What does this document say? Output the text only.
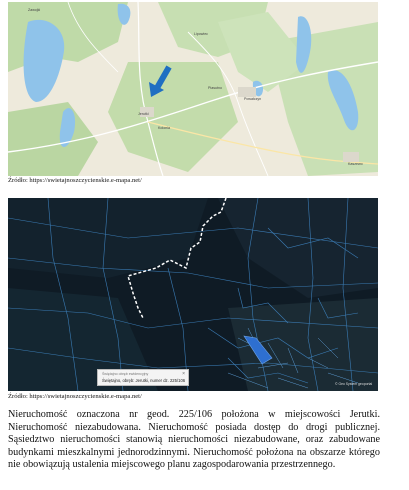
Jerutki
Kolonia
Powałczyn
Piasutno
Kaszewo
Lipowiec
Zawojki
Źródło: https://swietajnoszczycienskie.e-mapa.net/
© Geo System geoportal
Świętajno obręb ewidencyjny
Świętajno, obręb: Jerutki, numer dz. 225/106
×
Źródło: https://swietajnoszczycienskie.e-mapa.net/

Nieruchomość oznaczona nr geod. 225/106 położona w miejscowości Jerutki. Nieruchomość niezabudowana. Nieruchomość posiada dostęp do drogi publicznej. Sąsiedztwo nieruchomości stanowią nieruchomości niezabudowane, oraz zabudowane budynkami mieszkalnymi jednorodzinnymi. Nieruchomość położona na obszarze którego nie obowiązują ustalenia miejscowego planu zagospodarowania przestrzennego.
